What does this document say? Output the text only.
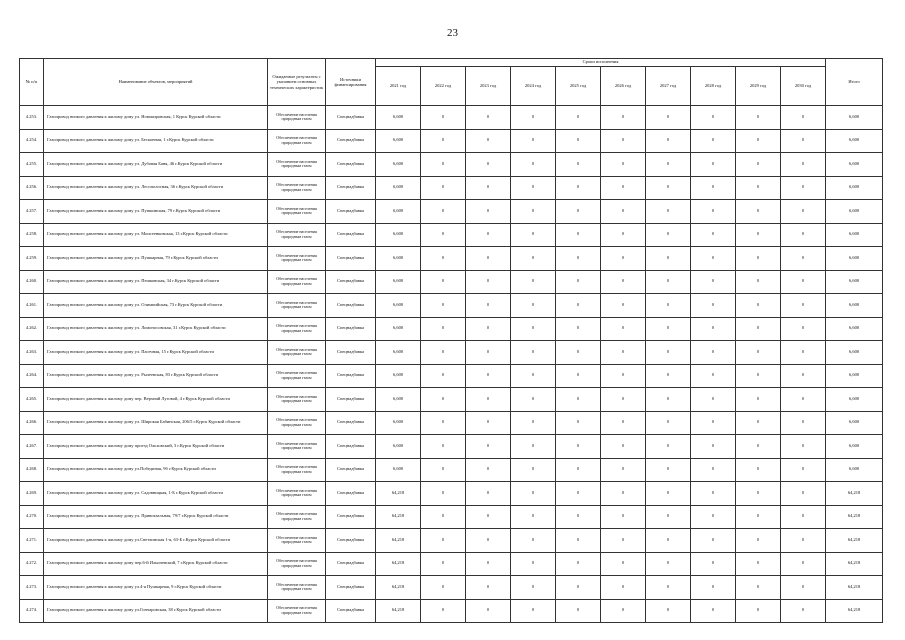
23
№ п/п	Наименование объектов, мероприятий	Ожидаемые результаты с указанием основных технических характеристик	Источники финансирования	Сроки исполнения										Итого
				2021 год	2022 год	2023 год	2024 год	2025 год	2026 год	2027 год	2028 год	2029 год	2030 год	
4.253.	Газопровод низкого давления к жилому дому ул. Новокировская, 1 Курск Курской области	Обеспечение населения природным газом	Спецнадбавка	6,600	0	0	0	0	0	0	0	0	0	6,600
4.254.	Газопровод низкого давления к жилому дому ул. Бесконная, 1 г.Курск Курской области	Обеспечение населения природным газом	Спецнадбавка	6,600	0	0	0	0	0	0	0	0	0	6,600
4.255.	Газопровод низкого давления к жилому дому ул. Дубовая Баня, 46 г.Курск Курской области	Обеспечение населения природным газом	Спецнадбавка	6,600	0	0	0	0	0	0	0	0	0	6,600
4.256.	Газопровод низкого давления к жилому дому ул. Лесополосная, 36 г.Курск Курской области	Обеспечение населения природным газом	Спецнадбавка	6,600	0	0	0	0	0	0	0	0	0	6,600
4.257.	Газопровод низкого давления к жилому дому ул. Пушкинская, 79 г.Курск Курской области	Обеспечение населения природным газом	Спецнадбавка	6,600	0	0	0	0	0	0	0	0	0	6,600
4.258.	Газопровод низкого давления к жилому дому ул. Моисеенковская, 13 г.Курск Курской области	Обеспечение населения природным газом	Спецнадбавка	6,600	0	0	0	0	0	0	0	0	0	6,600
4.259.	Газопровод низкого давления к жилому дому ул. Пушкарная, 79 г.Курск Курской области	Обеспечение населения природным газом	Спецнадбавка	6,600	0	0	0	0	0	0	0	0	0	6,600
4.260.	Газопровод низкого давления к жилому дому ул. Пешковская, 34 г.Курск Курской области	Обеспечение населения природным газом	Спецнадбавка	6,600	0	0	0	0	0	0	0	0	0	6,600
4.261.	Газопровод низкого давления к жилому дому ул. Олимпийская, 73 г.Курск Курской области	Обеспечение населения природным газом	Спецнадбавка	6,600	0	0	0	0	0	0	0	0	0	6,600
4.262.	Газопровод низкого давления к жилому дому ул. Ломоносовская, 31 г.Курск Курской области	Обеспечение населения природным газом	Спецнадбавка	6,600	0	0	0	0	0	0	0	0	0	6,600
4.263.	Газопровод низкого давления к жилому дому ул. Пасечная, 15 г.Курск Курской области	Обеспечение населения природным газом	Спецнадбавка	6,600	0	0	0	0	0	0	0	0	0	6,600
4.264.	Газопровод низкого давления к жилому дому ул. Рылеевская, 83 г.Курск Курской области	Обеспечение населения природным газом	Спецнадбавка	6,600	0	0	0	0	0	0	0	0	0	6,600
4.265.	Газопровод низкого давления к жилому дому пер. Верхний Луговой, 4 г.Курск Курской области	Обеспечение населения природным газом	Спецнадбавка	6,600	0	0	0	0	0	0	0	0	0	6,600
4.266.	Газопровод низкого давления к жилому дому ул. Широкая Бабинская, 206/5 г.Курск Курской области	Обеспечение населения природным газом	Спецнадбавка	6,600	0	0	0	0	0	0	0	0	0	6,600
4.267.	Газопровод низкого давления к жилому дому проезд Ольховский, 3 г.Курск Курской области	Обеспечение населения природным газом	Спецнадбавка	6,600	0	0	0	0	0	0	0	0	0	6,600
4.268.	Газопровод низкого давления к жилому дому ул.Побединая, 9б г.Курск Курской области	Обеспечение населения природным газом	Спецнадбавка	6,600	0	0	0	0	0	0	0	0	0	6,600
4.269.	Газопровод низкого давления к жилому дому ул. Садовницкая, 1-Б г.Курск Курской области	Обеспечение населения природным газом	Спецнадбавка	64,218	0	0	0	0	0	0	0	0	0	64,218
4.270.	Газопровод низкого давления к жилому дому ул. Привокзальная, 79/7 г.Курск Курской области	Обеспечение населения природным газом	Спецнадбавка	64,218	0	0	0	0	0	0	0	0	0	64,218
4.271.	Газопровод низкого давления к жилому дому ул.Светлинская 1-я, 63-Б г.Курск Курской области	Обеспечение населения природным газом	Спецнадбавка	64,218	0	0	0	0	0	0	0	0	0	64,218
4.272.	Газопровод низкого давления к жилому дому пер.6-й Ильичевский, 7 г.Курск Курской области	Обеспечение населения природным газом	Спецнадбавка	64,218	0	0	0	0	0	0	0	0	0	64,218
4.273.	Газопровод низкого давления к жилому дому ул.4-я Пушкарная, 9 г.Курск Курской области	Обеспечение населения природным газом	Спецнадбавка	64,218	0	0	0	0	0	0	0	0	0	64,218
4.274.	Газопровод низкого давления к жилому дому ул.Гончаровская, 38 г.Курск Курской области	Обеспечение населения природным газом	Спецнадбавка	64,218	0	0	0	0	0	0	0	0	0	64,218
